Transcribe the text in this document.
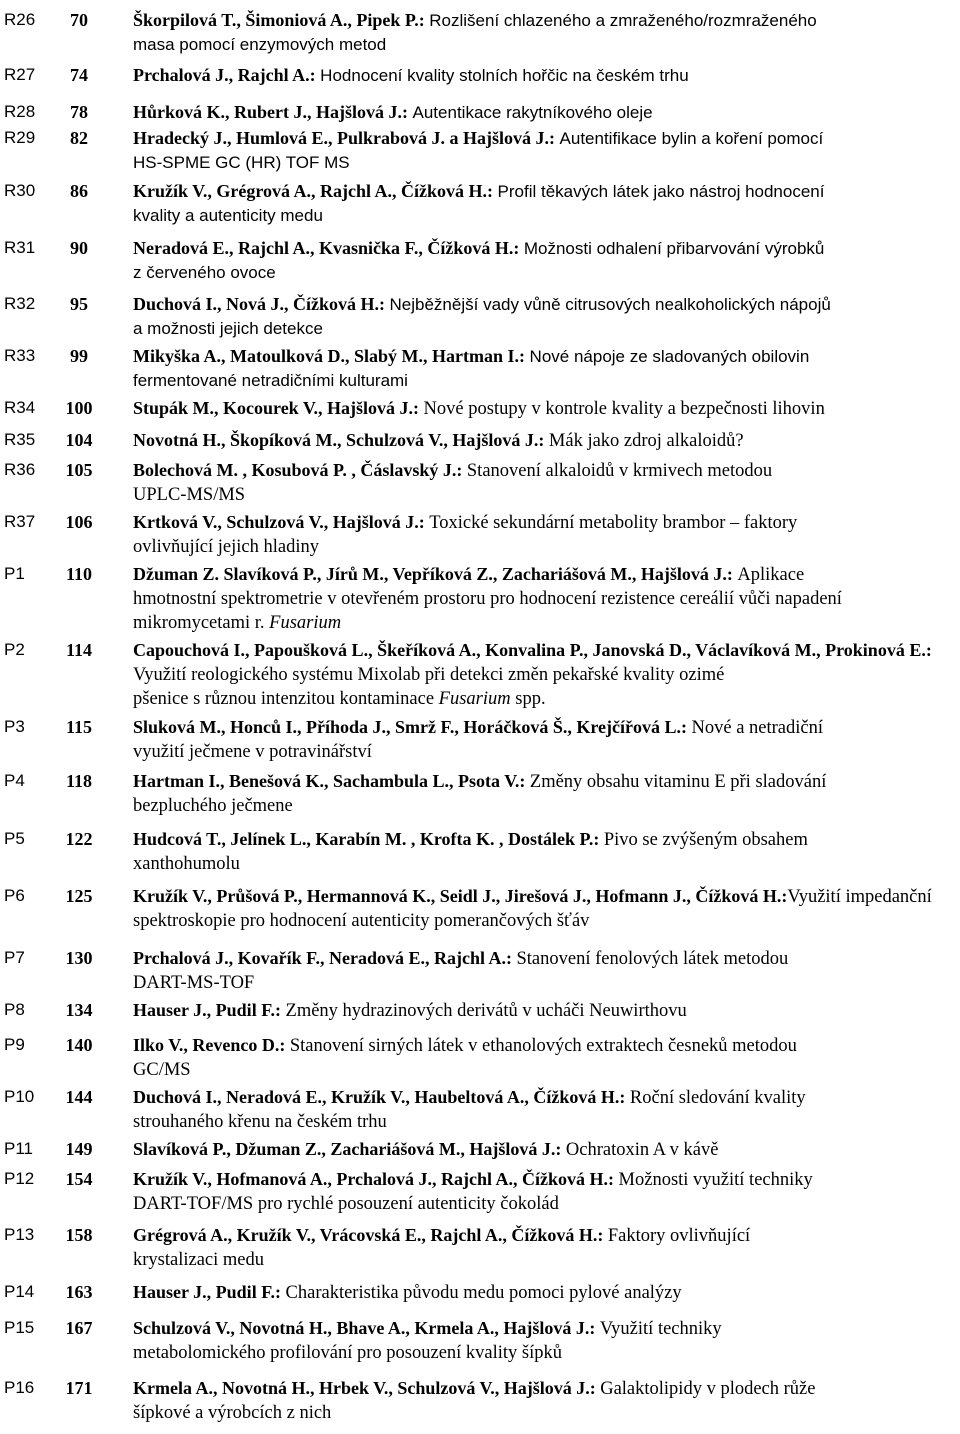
R26	70	Škorpilová T., Šimoniová A., Pipek P.: Rozlišení chlazeného a zmraženého/rozmraženého
masa pomocí enzymových metod
R27	74	Prchalová J., Rajchl A.: Hodnocení kvality stolních hořčic na českém trhu
R28	78	Hůrková K., Rubert J., Hajšlová J.: Autentikace rakytníkového oleje
R29	82	Hradecký J., Humlová E., Pulkrabová J. a Hajšlová J.: Autentifikace bylin a koření pomocí
HS-SPME GC (HR) TOF MS
R30	86	Kružík V., Grégrová A., Rajchl A., Čížková H.: Profil těkavých látek jako nástroj hodnocení
kvality a autenticity medu
R31	90	Neradová E., Rajchl A., Kvasnička F., Čížková H.: Možnosti odhalení přibarvování výrobků
z červeného ovoce
R32	95	Duchová I., Nová J., Čížková H.: Nejběžnější vady vůně citrusových nealkoholických nápojů
a možnosti jejich detekce
R33	99	Mikyška A., Matoulková D., Slabý M., Hartman I.: Nové nápoje ze sladovaných obilovin
fermentované netradičními kulturami
R34	100	Stupák M., Kocourek V., Hajšlová J.: Nové postupy v kontrole kvality a bezpečnosti lihovin
R35	104	Novotná H., Škopíková M., Schulzová V., Hajšlová J.: Mák jako zdroj alkaloidů?
R36	105	Bolechová M. , Kosubová P. , Čáslavský J.: Stanovení alkaloidů v krmivech metodou
UPLC-MS/MS
R37	106	Krtková V., Schulzová V., Hajšlová J.: Toxické sekundární metabolity brambor – faktory
ovlivňující jejich hladiny
P1	110	Džuman Z. Slavíková P., Jírů M., Vepříková Z., Zachariášová M., Hajšlová J.: Aplikace
hmotnostní spektrometrie v otevřeném prostoru pro hodnocení rezistence cereálií vůči napadení
mikromycetami r. Fusarium
P2	114	Capouchová I., Papoušková L., Škeříková A., Konvalina P., Janovská D., Václavíková M., Prokinová E.: Využití reologického systému Mixolab při detekci změn pekařské kvality ozimé
pšenice s různou intenzitou kontaminace Fusarium spp.
P3	115	Sluková M., Honců I., Příhoda J., Smrž F., Horáčková Š., Krejčířová L.: Nové a netradiční
využití ječmene v potravinářství
P4	118	Hartman I., Benešová K., Sachambula L., Psota V.: Změny obsahu vitaminu E při sladování
bezpluchého ječmene
P5	122	Hudcová T., Jelínek L., Karabín M. , Krofta K. , Dostálek P.: Pivo se zvýšeným obsahem
xanthohumolu
P6	125	Kružík V., Průšová P., Hermannová K., Seidl J., Jirešová J., Hofmann J., Čížková H.:Využití impedanční spektroskopie pro hodnocení autenticity pomerančových šťáv
P7	130	Prchalová J., Kovařík F., Neradová E., Rajchl A.: Stanovení fenolových látek metodou
DART-MS-TOF
P8	134	Hauser J., Pudil F.: Změny hydrazinových derivátů v ucháči Neuwirthovu
P9	140	Ilko V., Revenco D.: Stanovení sirných látek v ethanolových extraktech česneků metodou
GC/MS
P10	144	Duchová I., Neradová E., Kružík V., Haubeltová A., Čížková H.: Roční sledování kvality
strouhaného křenu na českém trhu
P11	149	Slavíková P., Džuman Z., Zachariášová M., Hajšlová J.: Ochratoxin A v kávě
P12	154	Kružík V., Hofmanová A., Prchalová J., Rajchl A., Čížková H.: Možnosti využití techniky
DART-TOF/MS pro rychlé posouzení autenticity čokolád
P13	158	Grégrová A., Kružík V., Vrácovská E., Rajchl A., Čížková H.: Faktory ovlivňující
krystalizaci medu
P14	163	Hauser J., Pudil F.: Charakteristika původu medu pomoci pylové analýzy
P15	167	Schulzová V., Novotná H., Bhave A., Krmela A., Hajšlová J.: Využití techniky
metabolomického profilování pro posouzení kvality šípků
P16	171	Krmela A., Novotná H., Hrbek V., Schulzová V., Hajšlová J.: Galaktolipidy v plodech růže
šípkové a výrobcích z nich
